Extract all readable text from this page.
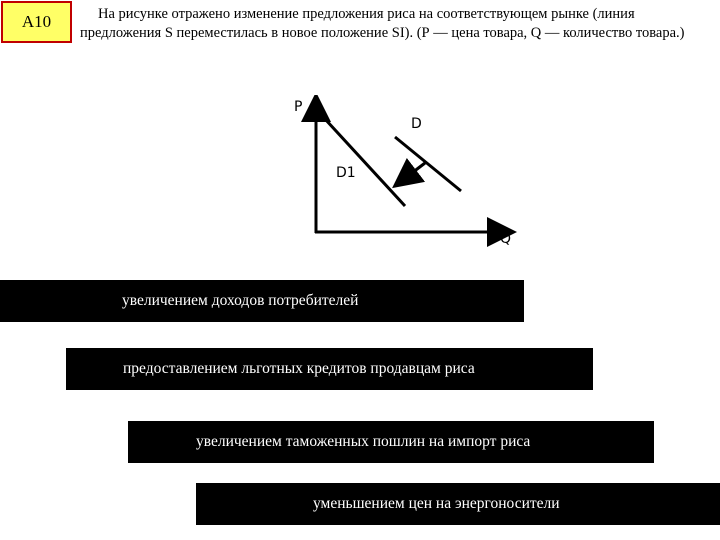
А10	На рисунке отражено изменение предложения риса на соответствующем рынке (линия предложения S переместилась в новое положение SI). (Р — цена товара, Q — количество товара.)
P
Q
D
D1
увеличением доходов потребителей
предоставлением льготных кредитов продавцам риса
увеличением таможенных пошлин на импорт риса
уменьшением цен на энергоносители
